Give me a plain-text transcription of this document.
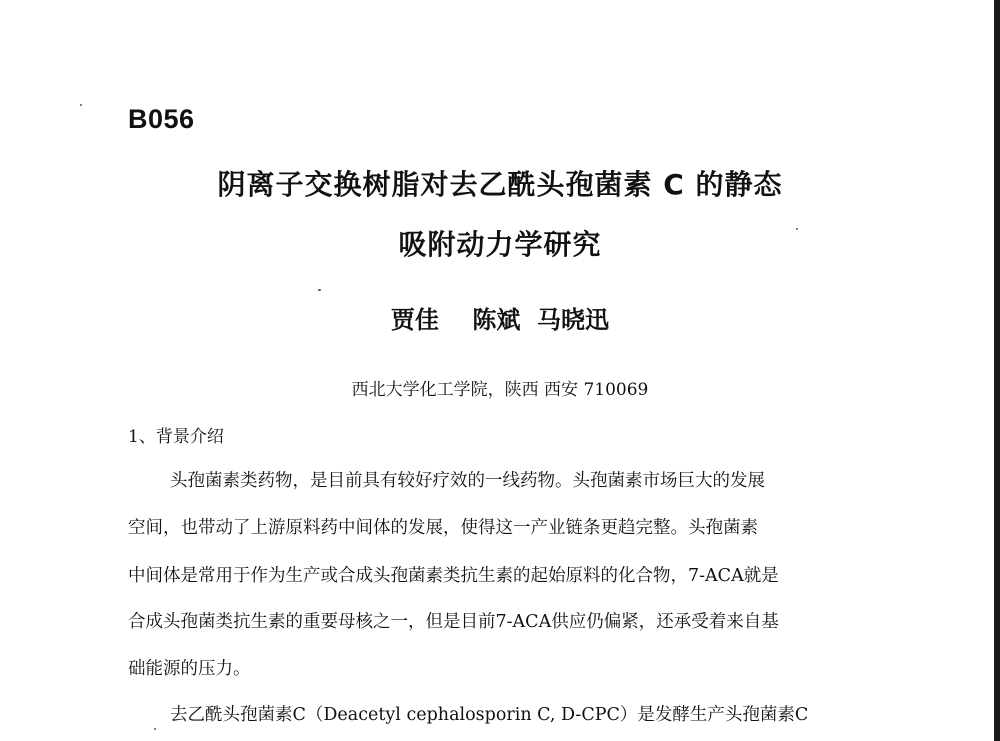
B056
阴离子交换树脂对去乙酰头孢菌素 C 的静态
吸附动力学研究
贾佳    陈斌  马晓迅
西北大学化工学院，陕西 西安 710069
1、背景介绍
头孢菌素类药物，是目前具有较好疗效的一线药物。头孢菌素市场巨大的发展
空间，也带动了上游原料药中间体的发展，使得这一产业链条更趋完整。头孢菌素
中间体是常用于作为生产或合成头孢菌素类抗生素的起始原料的化合物，7-ACA就是
合成头孢菌类抗生素的重要母核之一，但是目前7-ACA供应仍偏紧，还承受着来自基
础能源的压力。
去乙酰头孢菌素C（Deacetyl cephalosporin C, D-CPC）是发酵生产头孢菌素C
